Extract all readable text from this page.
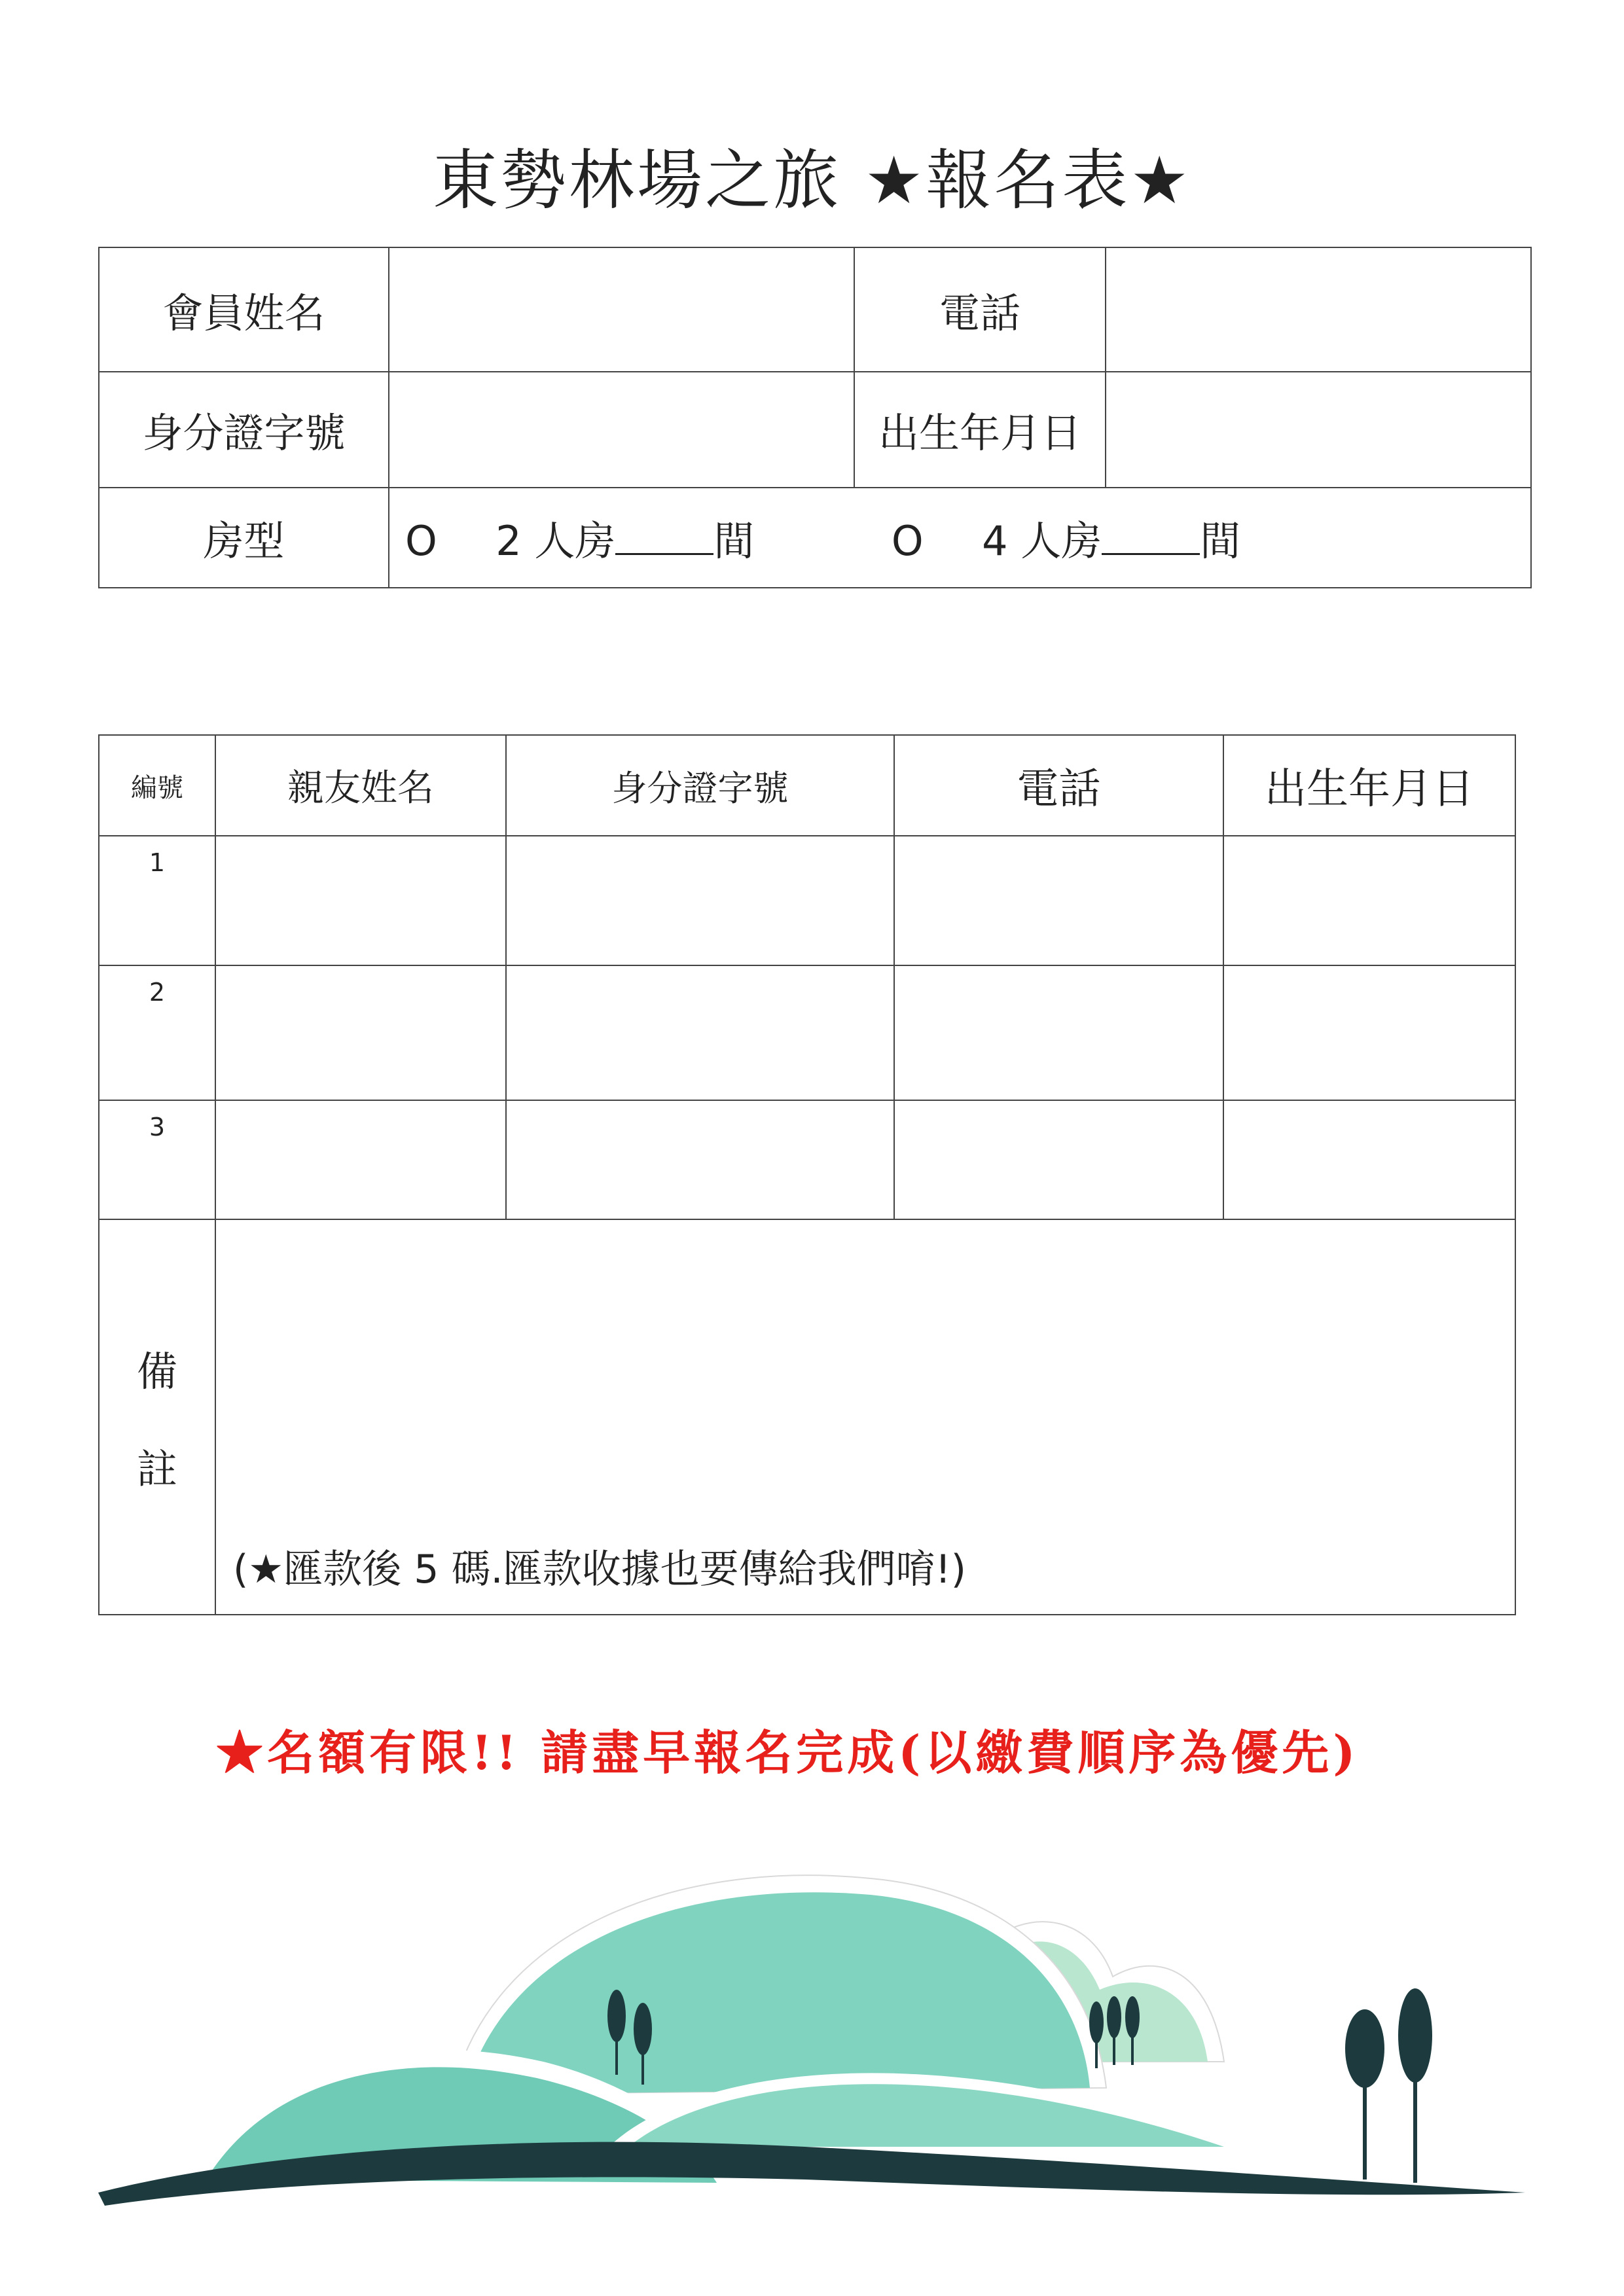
東勢林場之旅 ★報名表★
會員姓名		電話	
身分證字號		出生年月日	
房型	O 2 人房 間 O 4 人房 間		
編號	親友姓名	身分證字號	電話	出生年月日
1				
2				
3				

備
註	(★匯款後 5 碼.匯款收據也要傳給我們唷!)			
★名額有限!! 請盡早報名完成(以繳費順序為優先)
